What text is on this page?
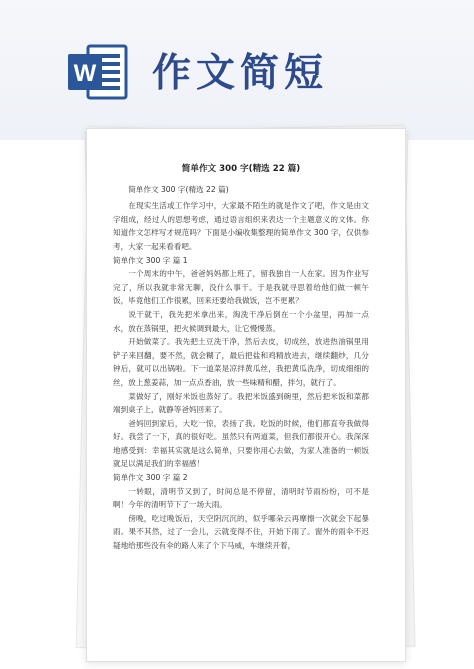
W 作文简短
简单作文 300 字(精选 22 篇)

简单作文 300 字(精选 22 篇)

在现实生活或工作学习中，大家最不陌生的就是作文了吧，作文是由文字组成，经过人的思想考虑，通过语言组织来表达一个主题意义的文体。你知道作文怎样写才规范吗？下面是小编收集整理的简单作文 300 字，仅供参考，大家一起来看看吧。

简单作文 300 字 篇 1

一个周末的中午，爸爸妈妈都上班了，留我独自一人在家。因为作业写完了，所以我就非常无聊，没什么事干。于是我就寻思着给他们做一顿午饭，毕竟他们工作很累，回来还要给我做饭，岂不更累？

说干就干，我先把米拿出来，淘洗干净后倒在一个小盆里，再加一点水，放在蒸锅里，把火候调到最大，让它慢慢蒸。

开始做菜了。我先把土豆洗干净，然后去皮，切成丝，放进热油锅里用铲子来回翻，要不然，就会糊了，最后把盐和鸡精放进去，继续翻炒，几分钟后，就可以出锅啦。下一道菜是凉拌黄瓜丝，我把黄瓜洗净，切成细细的丝，放上葱姜蒜，加一点点香油，放一些味精和醋，拌匀，就行了。

菜做好了，刚好米饭也蒸好了。我把米饭盛到碗里，然后把米饭和菜都端到桌子上，就静等爸妈回来了。

爸妈回到家后，大吃一惊，表扬了我。吃饭的时候，他们都直夸我做得好。我尝了一下，真的很好吃。虽然只有两道菜，但我们都很开心。我深深地感受到：幸福其实就是这么简单，只要你用心去做，为家人准备的一顿饭就足以满足我们的幸福感！

简单作文 300 字 篇 2

一转眼，清明节又到了，时间总是不停留，清明时节雨纷纷，可不是啊！今年的清明节下了一场大雨。

傍晚，吃过晚饭后，天空阴沉沉的，似乎哪朵云再摩擦一次就会下起暴雨。果不其然，过了一会儿，云就变得不住，开始下雨了。窗外的雨伞不迟疑地给那些没有伞的路人来了个下马威，车继续开着，
